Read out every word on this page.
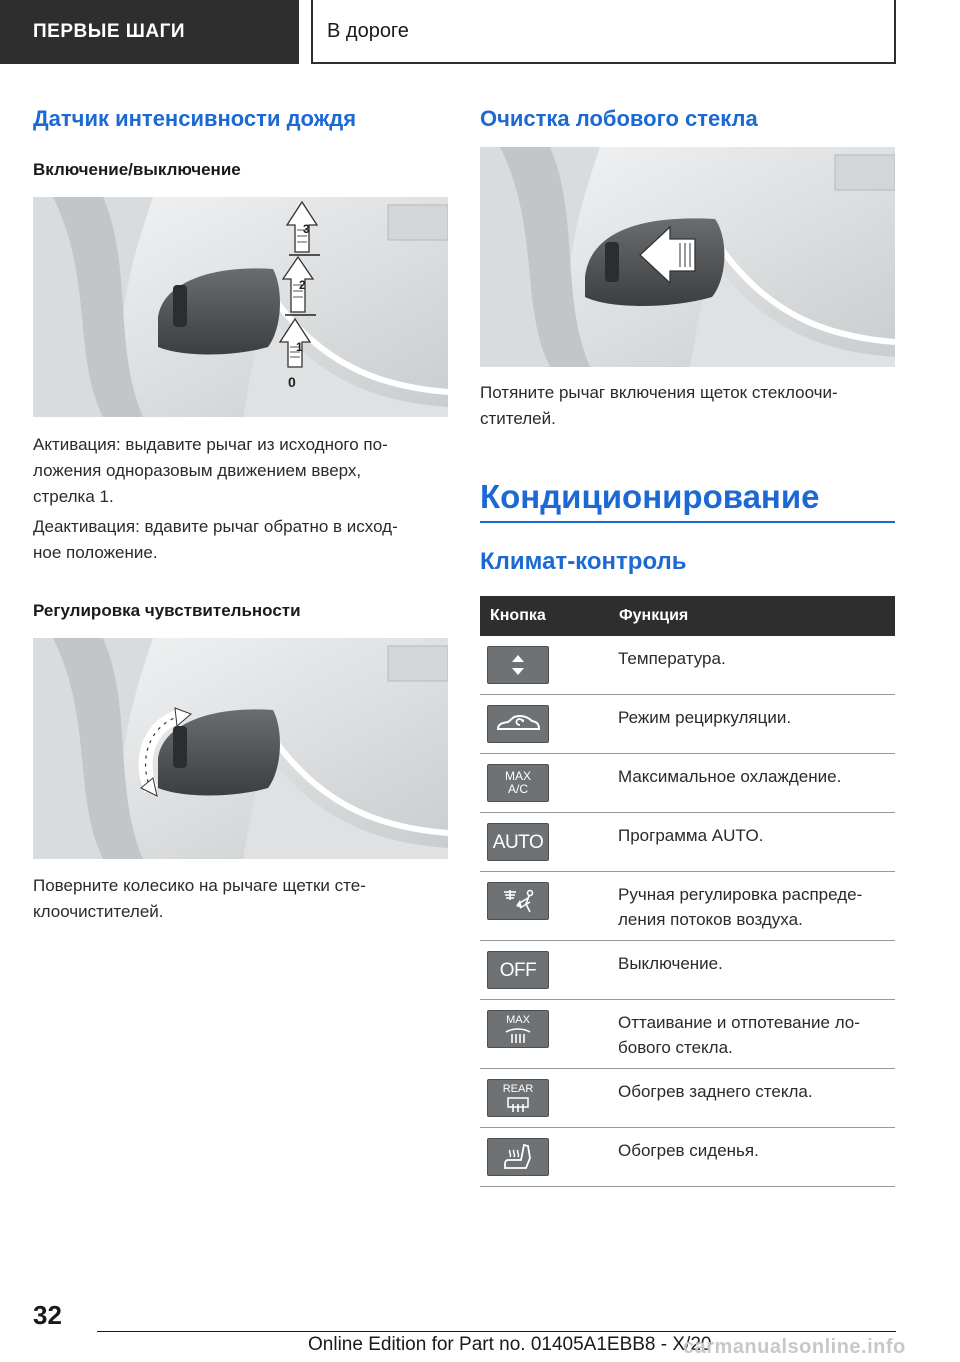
ПЕРВЫЕ ШАГИ	В дороге
Датчик интенсивности дождя
Включение/выключение
1
2
3
0
Активация: выдавите рычаг из исходного по-
ложения одноразовым движением вверх,
стрелка 1.
Деактивация: вдавите рычаг обратно в исход-
ное положение.
Регулировка чувствительности
Поверните колесико на рычаге щетки сте-
клоочистителей.
Очистка лобового стекла
Потяните рычаг включения щеток стеклоочи-
стителей.
Кондиционирование
Климат-контроль
Кнопка	Функция

Температура.

Режим рециркуляции.

MAX
A/C	Максимальное охлаждение.

AUTO	Программа AUTO.

Ручная регулировка распреде-
ления потоков воздуха.

OFF	Выключение.

MAX	Оттаивание и отпотевание ло-
бового стекла.

REAR	Обогрев заднего стекла.

Обогрев сиденья.
32
Online Edition for Part no. 01405A1EBB8 - X/20
carmanualsonline.info
